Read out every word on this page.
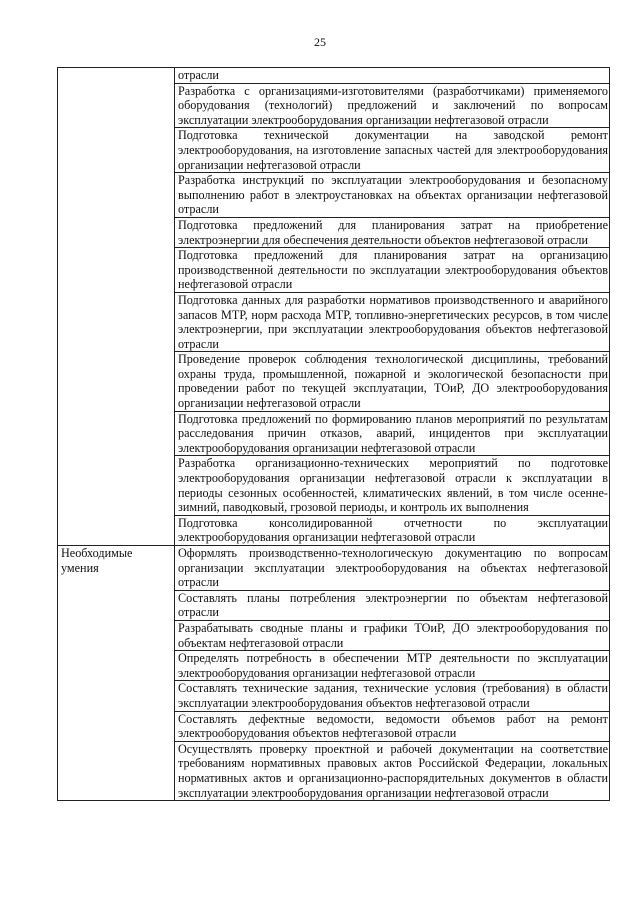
25
	отрасли
	Разработка с организациями-изготовителями (разработчиками) применяемого оборудования (технологий) предложений и заключений по вопросам эксплуатации электрооборудования организации нефтегазовой отрасли
	Подготовка технической документации на заводской ремонт электрооборудования, на изготовление запасных частей для электрооборудования организации нефтегазовой отрасли
	Разработка инструкций по эксплуатации электрооборудования и безопасному выполнению работ в электроустановках на объектах организации нефтегазовой отрасли
	Подготовка предложений для планирования затрат на приобретение электроэнергии для обеспечения деятельности объектов нефтегазовой отрасли
	Подготовка предложений для планирования затрат на организацию производственной деятельности по эксплуатации электрооборудования объектов нефтегазовой отрасли
	Подготовка данных для разработки нормативов производственного и аварийного запасов МТР, норм расхода МТР, топливно-энергетических ресурсов, в том числе электроэнергии, при эксплуатации электрооборудования объектов нефтегазовой отрасли
	Проведение проверок соблюдения технологической дисциплины, требований охраны труда, промышленной, пожарной и экологической безопасности при проведении работ по текущей эксплуатации, ТОиР, ДО электрооборудования организации нефтегазовой отрасли
	Подготовка предложений по формированию планов мероприятий по результатам расследования причин отказов, аварий, инцидентов при эксплуатации электрооборудования организации нефтегазовой отрасли
	Разработка организационно-технических мероприятий по подготовке электрооборудования организации нефтегазовой отрасли к эксплуатации в периоды сезонных особенностей, климатических явлений, в том числе осенне-зимний, паводковый, грозовой периоды, и контроль их выполнения
	Подготовка консолидированной отчетности по эксплуатации электрооборудования организации нефтегазовой отрасли
Необходимые умения	Оформлять производственно-технологическую документацию по вопросам организации эксплуатации электрооборудования на объектах нефтегазовой отрасли
	Составлять планы потребления электроэнергии по объектам нефтегазовой отрасли
	Разрабатывать сводные планы и графики ТОиР, ДО электрооборудования по объектам нефтегазовой отрасли
	Определять потребность в обеспечении МТР деятельности по эксплуатации электрооборудования организации нефтегазовой отрасли
	Составлять технические задания, технические условия (требования) в области эксплуатации электрооборудования объектов нефтегазовой отрасли
	Составлять дефектные ведомости, ведомости объемов работ на ремонт электрооборудования объектов нефтегазовой отрасли
	Осуществлять проверку проектной и рабочей документации на соответствие требованиям нормативных правовых актов Российской Федерации, локальных нормативных актов и организационно-распорядительных документов в области эксплуатации электрооборудования организации нефтегазовой отрасли
